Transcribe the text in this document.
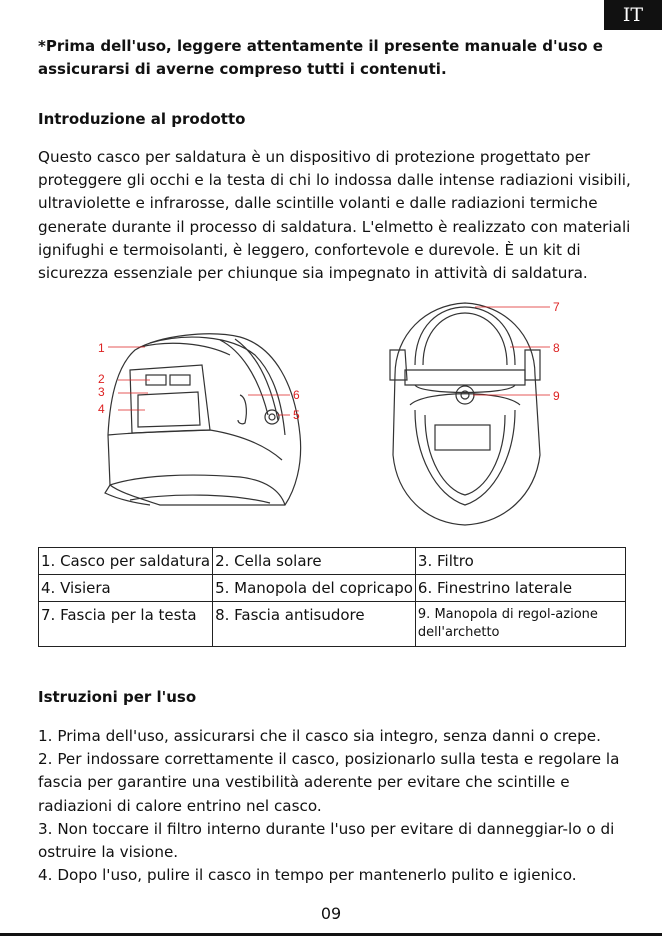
IT

*Prima dell'uso, leggere attentamente il presente manuale d'uso e assicurarsi di averne compreso tutti i contenuti.

Introduzione al prodotto

Questo casco per saldatura è un dispositivo di protezione progettato per proteggere gli occhi e la testa di chi lo indossa dalle intense radiazioni visibili, ultraviolette e infrarosse, dalle scintille volanti e dalle radiazioni termiche generate durante il processo di saldatura. L'elmetto è realizzato con materiali ignifughi e termoisolanti, è leggero, confortevole e durevole. È un kit di sicurezza essenziale per chiunque sia impegnato in attività di saldatura.

1
2
3
4	5
6
7
8
9
1. Casco per saldatura	2. Cella solare	3. Filtro
4. Visiera	5. Manopola del copricapo	6. Finestrino laterale
7. Fascia per la testa	8. Fascia antisudore	9. Manopola di regol-azione dell'archetto

Istruzioni per l'uso

1. Prima dell'uso, assicurarsi che il casco sia integro, senza danni o crepe.
2. Per indossare correttamente il casco, posizionarlo sulla testa e regolare la fascia per garantire una vestibilità aderente per evitare che scintille e radiazioni di calore entrino nel casco.
3. Non toccare il filtro interno durante l'uso per evitare di danneggiar-lo o di ostruire la visione.
4. Dopo l'uso, pulire il casco in tempo per mantenerlo pulito e igienico.
09
